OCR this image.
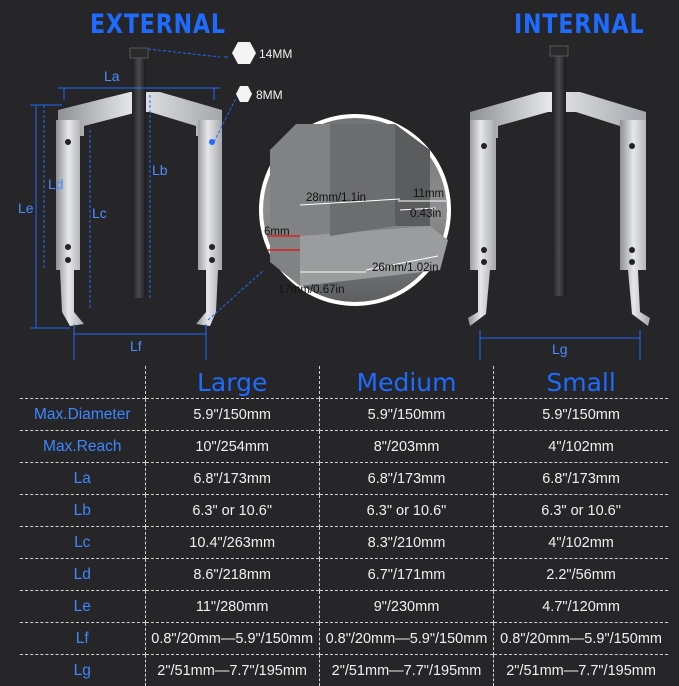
EXTERNAL	INTERNAL
La
Ld
Le	Lc
Lb
Lf	Lg
14MM
8MM
28mm/1.1in	11mm
0.43in
6mm
17mm/0.67in
26mm/1.02in
	Large	Medium	Small
Max.Diameter	5.9"/150mm	5.9"/150mm	5.9"/150mm
Max.Reach	10"/254mm	8"/203mm	4"/102mm
La	6.8"/173mm	6.8"/173mm	6.8"/173mm
Lb	6.3" or 10.6"	6.3" or 10.6"	6.3" or 10.6"
Lc	10.4"/263mm	8.3"/210mm	4"/102mm
Ld	8.6"/218mm	6.7"/171mm	2.2"/56mm
Le	11"/280mm	9"/230mm	4.7"/120mm
Lf	0.8"/20mm—5.9"/150mm	0.8"/20mm—5.9"/150mm	0.8"/20mm—5.9"/150mm
Lg	2"/51mm—7.7"/195mm	2"/51mm—7.7"/195mm	2"/51mm—7.7"/195mm
